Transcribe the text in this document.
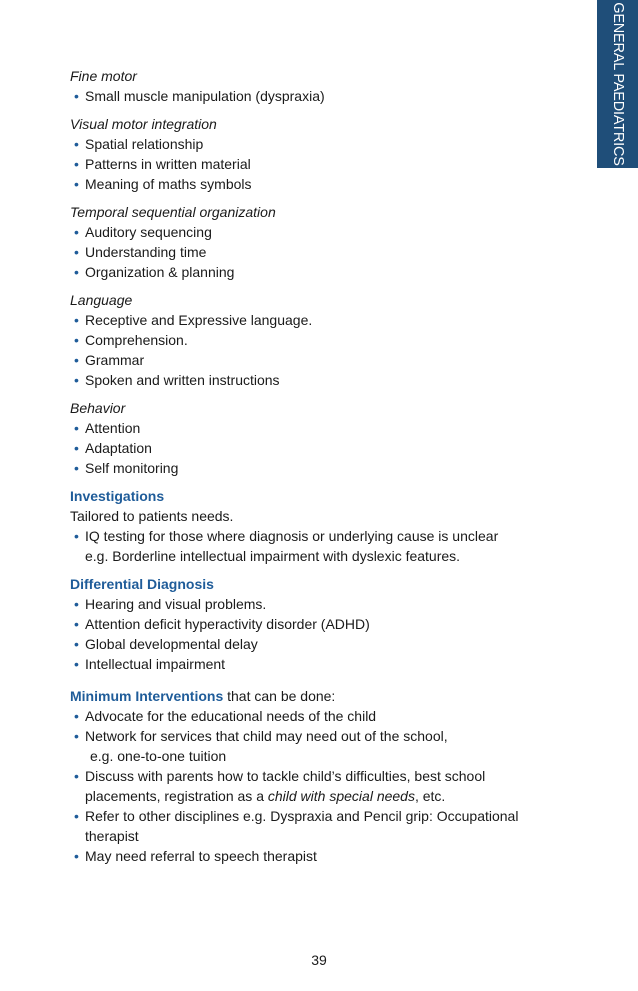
GENERAL PAEDIATRICS
Fine motor
• Small muscle manipulation (dyspraxia)
Visual motor integration
• Spatial relationship
• Patterns in written material
• Meaning of maths symbols
Temporal sequential organization
• Auditory sequencing
• Understanding time
• Organization & planning
Language
• Receptive and Expressive language.
• Comprehension.
• Grammar
• Spoken and written instructions
Behavior
• Attention
• Adaptation
• Self monitoring
Investigations
Tailored to patients needs.
• IQ testing for those where diagnosis or underlying cause is unclear
e.g. Borderline intellectual impairment with dyslexic features.
Differential Diagnosis
• Hearing and visual problems.
• Attention deficit hyperactivity disorder (ADHD)
• Global developmental delay
• Intellectual impairment
Minimum Interventions that can be done:
• Advocate for the educational needs of the child
• Network for services that child may need out of the school,
e.g. one-to-one tuition
• Discuss with parents how to tackle child’s difficulties, best school
placements, registration as a child with special needs, etc.
• Refer to other disciplines e.g. Dyspraxia and Pencil grip: Occupational
therapist
• May need referral to speech therapist
39
